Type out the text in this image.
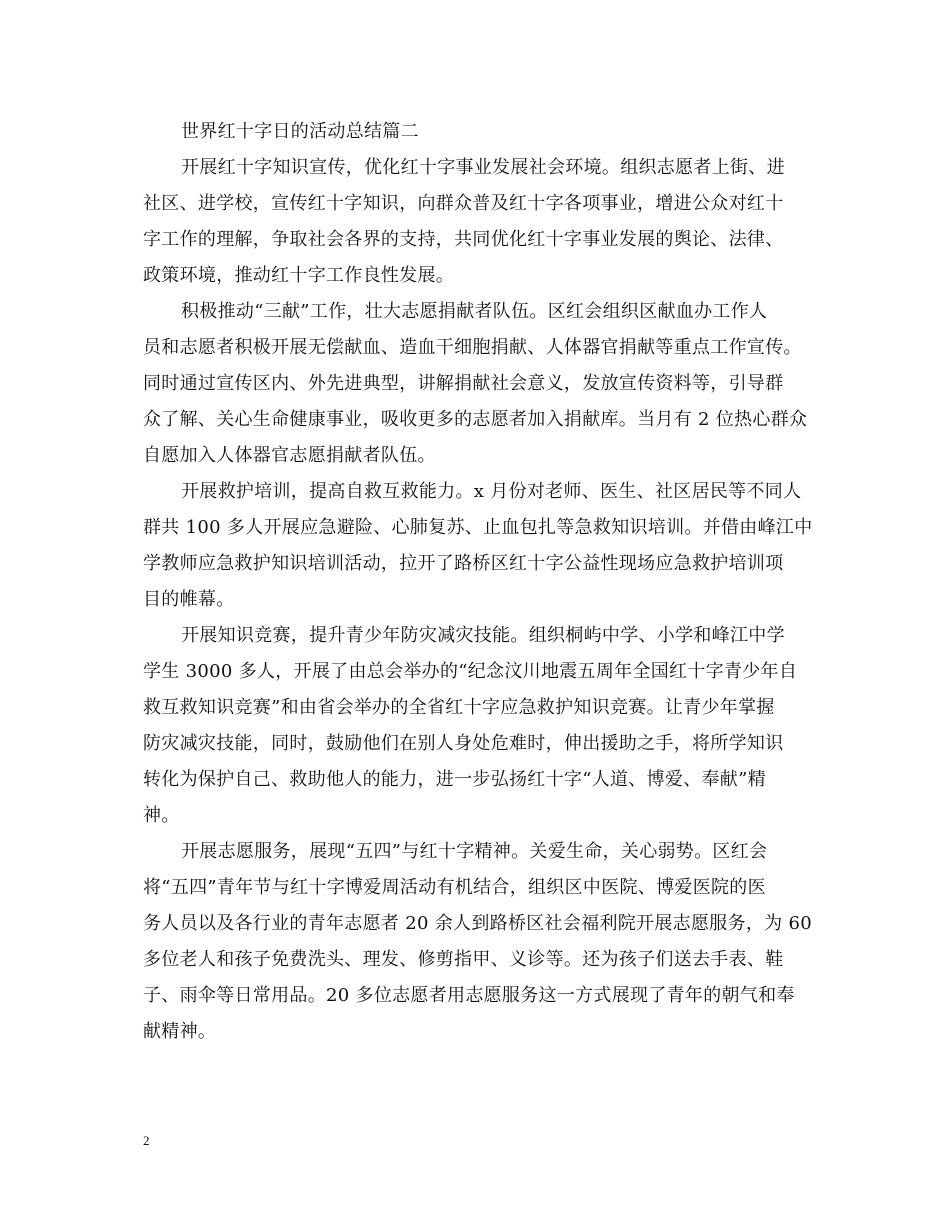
世界红十字日的活动总结篇二
开展红十字知识宣传，优化红十字事业发展社会环境。组织志愿者上街、进
社区、进学校，宣传红十字知识，向群众普及红十字各项事业，增进公众对红十
字工作的理解，争取社会各界的支持，共同优化红十字事业发展的舆论、法律、
政策环境，推动红十字工作良性发展。
积极推动“三献”工作，壮大志愿捐献者队伍。区红会组织区献血办工作人
员和志愿者积极开展无偿献血、造血干细胞捐献、人体器官捐献等重点工作宣传。
同时通过宣传区内、外先进典型，讲解捐献社会意义，发放宣传资料等，引导群
众了解、关心生命健康事业，吸收更多的志愿者加入捐献库。当月有 2 位热心群众
自愿加入人体器官志愿捐献者队伍。
开展救护培训，提高自救互救能力。x 月份对老师、医生、社区居民等不同人
群共 100 多人开展应急避险、心肺复苏、止血包扎等急救知识培训。并借由峰江中
学教师应急救护知识培训活动，拉开了路桥区红十字公益性现场应急救护培训项
目的帷幕。
开展知识竞赛，提升青少年防灾减灾技能。组织桐屿中学、小学和峰江中学
学生 3000 多人，开展了由总会举办的“纪念汶川地震五周年全国红十字青少年自
救互救知识竞赛”和由省会举办的全省红十字应急救护知识竞赛。让青少年掌握
防灾减灾技能，同时，鼓励他们在别人身处危难时，伸出援助之手，将所学知识
转化为保护自己、救助他人的能力，进一步弘扬红十字“人道、博爱、奉献”精
神。
开展志愿服务，展现“五四”与红十字精神。关爱生命，关心弱势。区红会
将“五四”青年节与红十字博爱周活动有机结合，组织区中医院、博爱医院的医
务人员以及各行业的青年志愿者 20 余人到路桥区社会福利院开展志愿服务，为 60
多位老人和孩子免费洗头、理发、修剪指甲、义诊等。还为孩子们送去手表、鞋
子、雨伞等日常用品。20 多位志愿者用志愿服务这一方式展现了青年的朝气和奉
献精神。
2
